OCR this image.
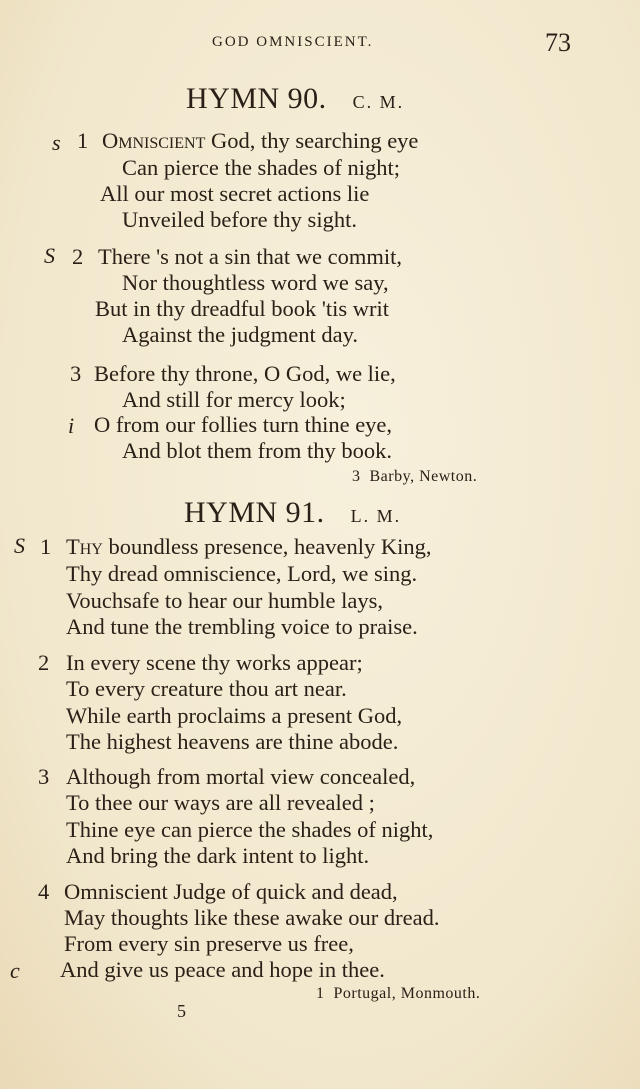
GOD OMNISCIENT.	73
HYMN 90. C. M.
s 1 Omniscient God, thy searching eye
Can pierce the shades of night;
All our most secret actions lie
Unveiled before thy sight.
S 2 There 's not a sin that we commit,
Nor thoughtless word we say,
But in thy dreadful book 'tis writ
Against the judgment day.
3 Before thy throne, O God, we lie,
And still for mercy look;
i O from our follies turn thine eye,
And blot them from thy book.
3 Barby, Newton.
HYMN 91. L. M.
S 1 Thy boundless presence, heavenly King,
Thy dread omniscience, Lord, we sing.
Vouchsafe to hear our humble lays,
And tune the trembling voice to praise.
2 In every scene thy works appear;
To every creature thou art near.
While earth proclaims a present God,
The highest heavens are thine abode.
3 Although from mortal view concealed,
To thee our ways are all revealed ;
Thine eye can pierce the shades of night,
And bring the dark intent to light.
4 Omniscient Judge of quick and dead,
May thoughts like these awake our dread.
From every sin preserve us free,
c And give us peace and hope in thee.
1 Portugal, Monmouth.
5
